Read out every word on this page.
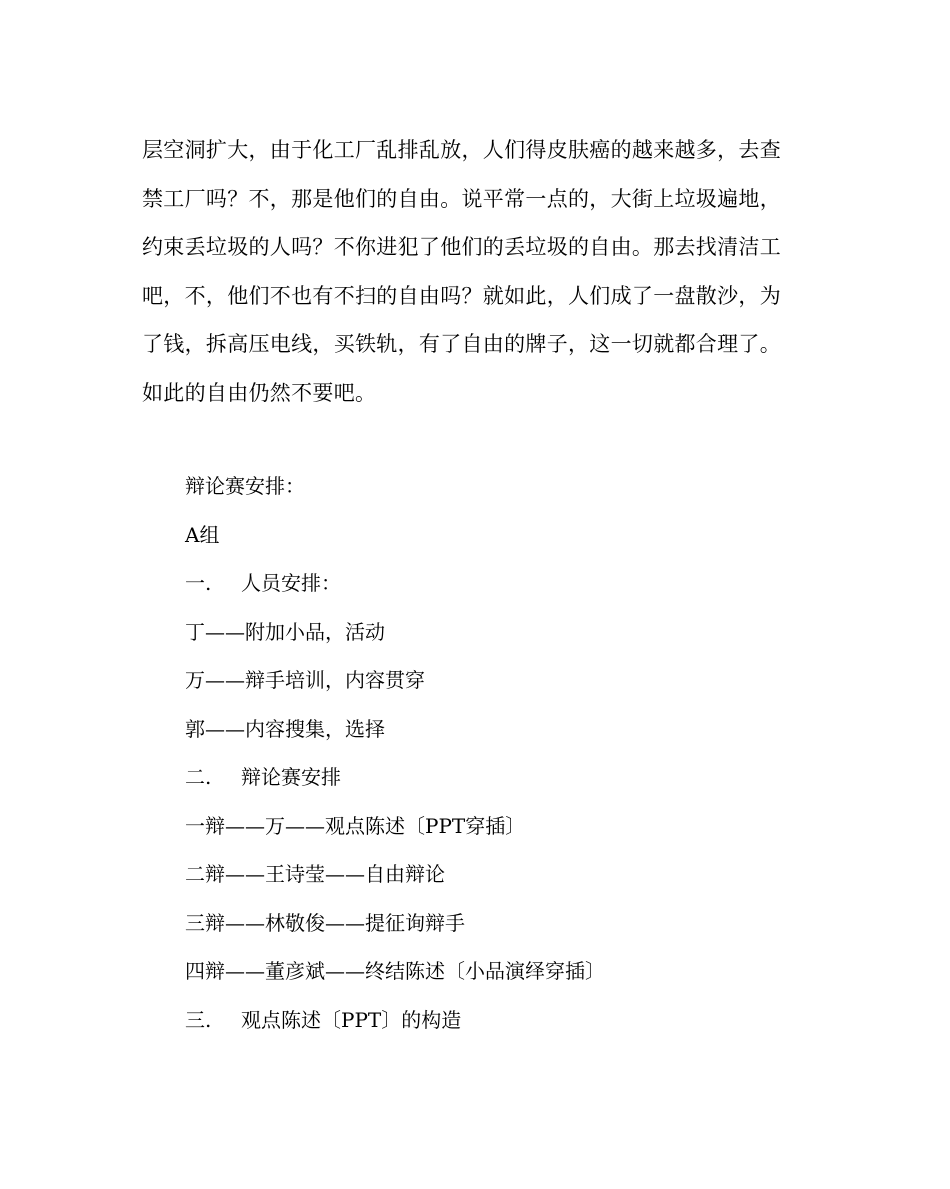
层空洞扩大，由于化工厂乱排乱放，人们得皮肤癌的越来越多，去查
禁工厂吗？不，那是他们的自由。说平常一点的，大街上垃圾遍地，
约束丢垃圾的人吗？不你进犯了他们的丢垃圾的自由。那去找清洁工
吧，不，他们不也有不扫的自由吗？就如此，人们成了一盘散沙，为
了钱，拆高压电线，买铁轨，有了自由的牌子，这一切就都合理了。
如此的自由仍然不要吧。
辩论赛安排：
A组
一. 人员安排：
丁——附加小品，活动
万——辩手培训，内容贯穿
郭——内容搜集，选择
二. 辩论赛安排
一辩——万——观点陈述〔PPT穿插〕
二辩——王诗莹——自由辩论
三辩——林敬俊——提征询辩手
四辩——董彦斌——终结陈述〔小品演绎穿插〕
三. 观点陈述〔PPT〕的构造
